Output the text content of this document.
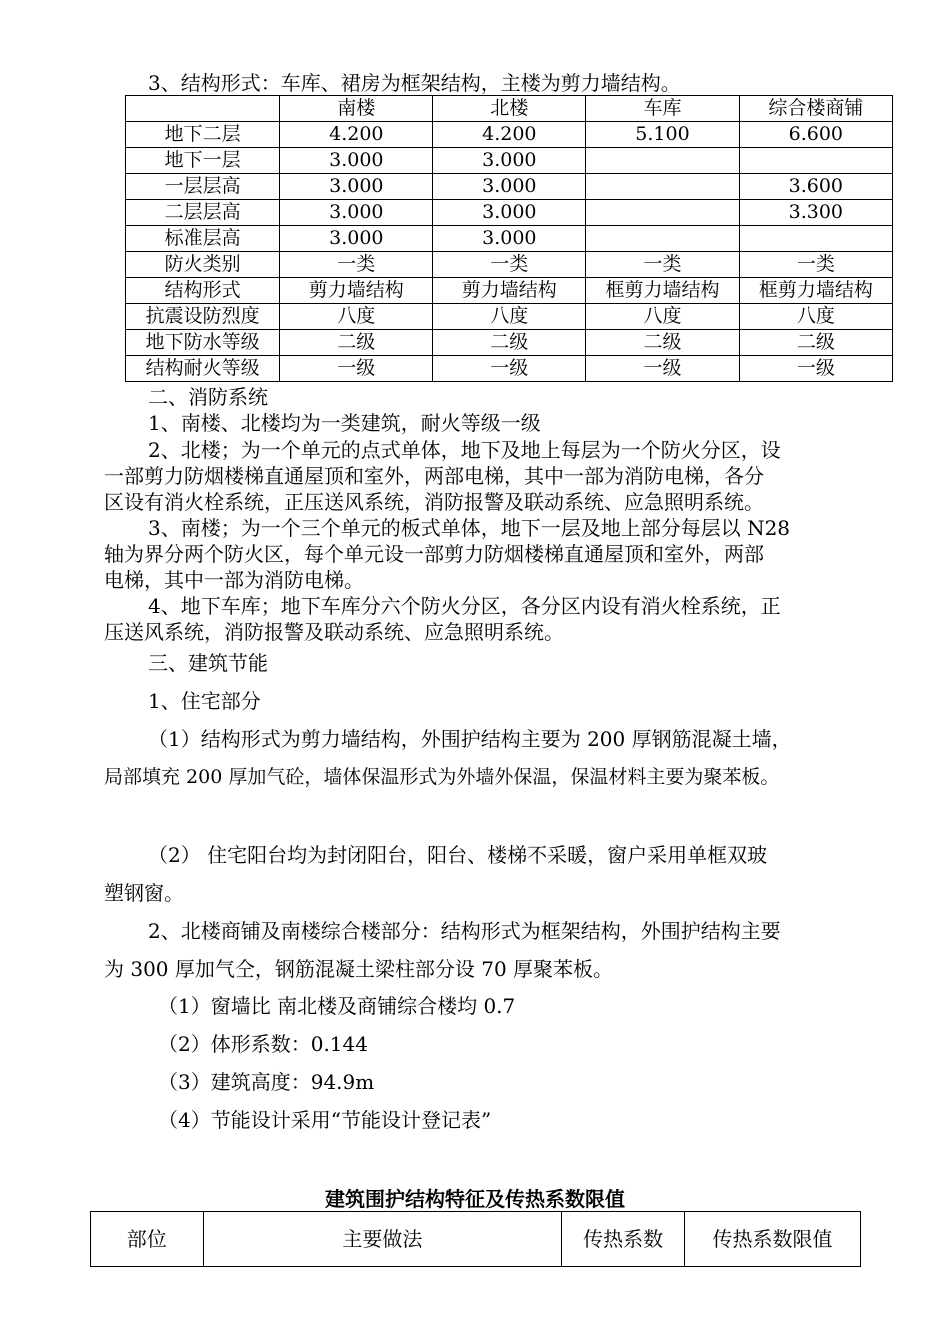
3、结构形式：车库、裙房为框架结构，主楼为剪力墙结构。
	南楼	北楼	车库	综合楼商铺
地下二层	4.200	4.200	5.100	6.600
地下一层	3.000	3.000		
一层层高	3.000	3.000		3.600
二层层高	3.000	3.000		3.300
标准层高	3.000	3.000		
防火类别	一类	一类	一类	一类
结构形式	剪力墙结构	剪力墙结构	框剪力墙结构	框剪力墙结构
抗震设防烈度	八度	八度	八度	八度
地下防水等级	二级	二级	二级	二级
结构耐火等级	一级	一级	一级	一级
二、消防系统
1、南楼、北楼均为一类建筑，耐火等级一级
2、北楼；为一个单元的点式单体，地下及地上每层为一个防火分区，设
一部剪力防烟楼梯直通屋顶和室外，两部电梯，其中一部为消防电梯，各分
区设有消火栓系统，正压送风系统，消防报警及联动系统、应急照明系统。
3、南楼；为一个三个单元的板式单体，地下一层及地上部分每层以 N28
轴为界分两个防火区，每个单元设一部剪力防烟楼梯直通屋顶和室外，两部
电梯，其中一部为消防电梯。
4、地下车库；地下车库分六个防火分区，各分区内设有消火栓系统，正
压送风系统，消防报警及联动系统、应急照明系统。
三、建筑节能
1、住宅部分
（1）结构形式为剪力墙结构，外围护结构主要为 200 厚钢筋混凝土墙，
局部填充 200 厚加气砼，墙体保温形式为外墙外保温，保温材料主要为聚苯板。
（2） 住宅阳台均为封闭阳台，阳台、楼梯不采暖，窗户采用单框双玻
塑钢窗。
2、北楼商铺及南楼综合楼部分：结构形式为框架结构，外围护结构主要
为 300 厚加气仝，钢筋混凝土梁柱部分设 70 厚聚苯板。
（1）窗墙比 南北楼及商铺综合楼均 0.7
（2）体形系数：0.144
（3）建筑高度：94.9m
（4）节能设计采用“节能设计登记表”
建筑围护结构特征及传热系数限值
部位	主要做法	传热系数	传热系数限值
